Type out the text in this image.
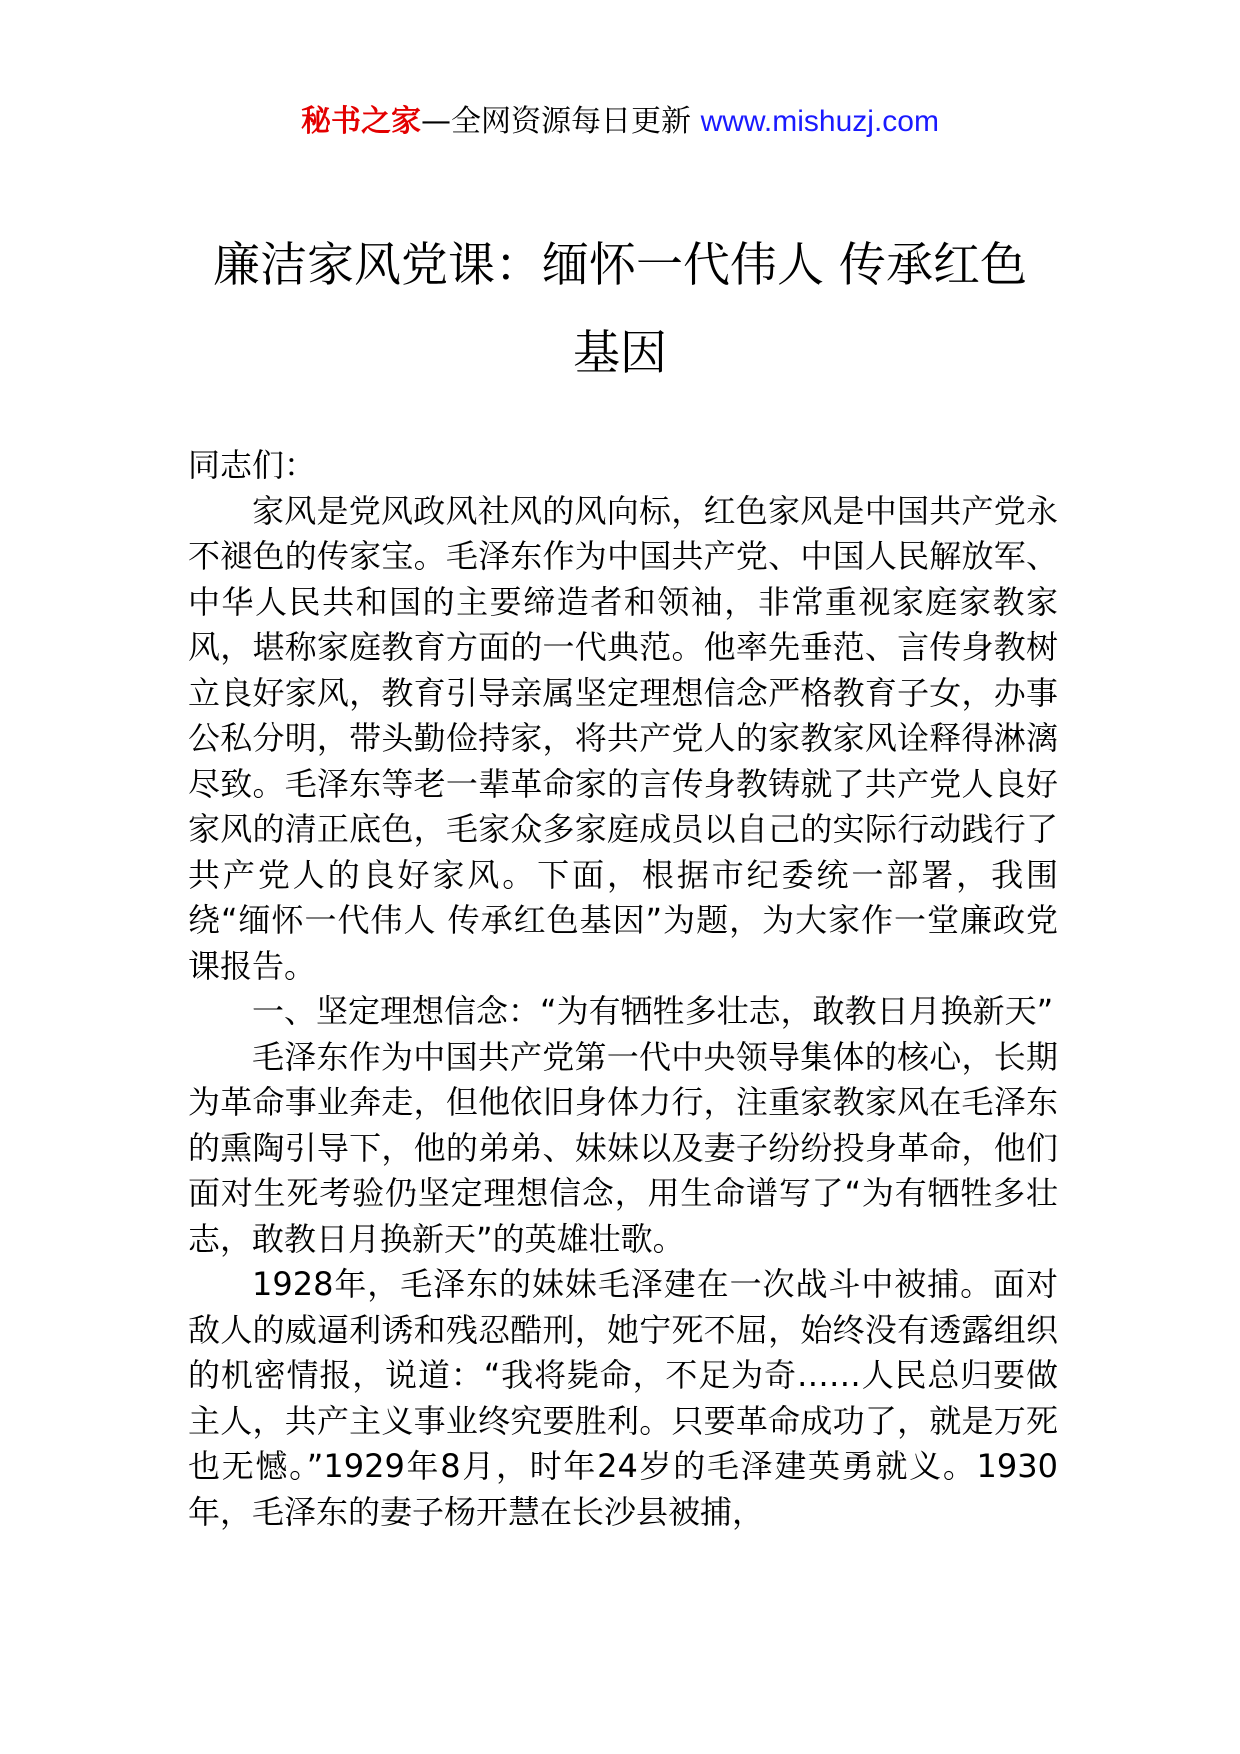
秘书之家—全网资源每日更新 www.mishuzj.com
廉洁家风党课：缅怀一代伟人 传承红色
基因

同志们：

家风是党风政风社风的风向标，红色家风是中国共产党永不褪色的传家宝。毛泽东作为中国共产党、中国人民解放军、中华人民共和国的主要缔造者和领袖，非常重视家庭家教家风，堪称家庭教育方面的一代典范。他率先垂范、言传身教树立良好家风，教育引导亲属坚定理想信念严格教育子女，办事公私分明，带头勤俭持家，将共产党人的家教家风诠释得淋漓尽致。毛泽东等老一辈革命家的言传身教铸就了共产党人良好家风的清正底色，毛家众多家庭成员以自己的实际行动践行了共产党人的良好家风。下面，根据市纪委统一部署，我围绕“缅怀一代伟人 传承红色基因”为题，为大家作一堂廉政党课报告。

一、坚定理想信念：“为有牺牲多壮志，敢教日月换新天”

毛泽东作为中国共产党第一代中央领导集体的核心，长期为革命事业奔走，但他依旧身体力行，注重家教家风在毛泽东的熏陶引导下，他的弟弟、妹妹以及妻子纷纷投身革命，他们面对生死考验仍坚定理想信念，用生命谱写了“为有牺牲多壮志，敢教日月换新天”的英雄壮歌。

1928年，毛泽东的妹妹毛泽建在一次战斗中被捕。面对敌人的威逼利诱和残忍酷刑，她宁死不屈，始终没有透露组织的机密情报，说道：“我将毙命，不足为奇……人民总归要做主人，共产主义事业终究要胜利。只要革命成功了，就是万死也无憾。”1929年8月，时年24岁的毛泽建英勇就义。1930年，毛泽东的妻子杨开慧在长沙县被捕，
